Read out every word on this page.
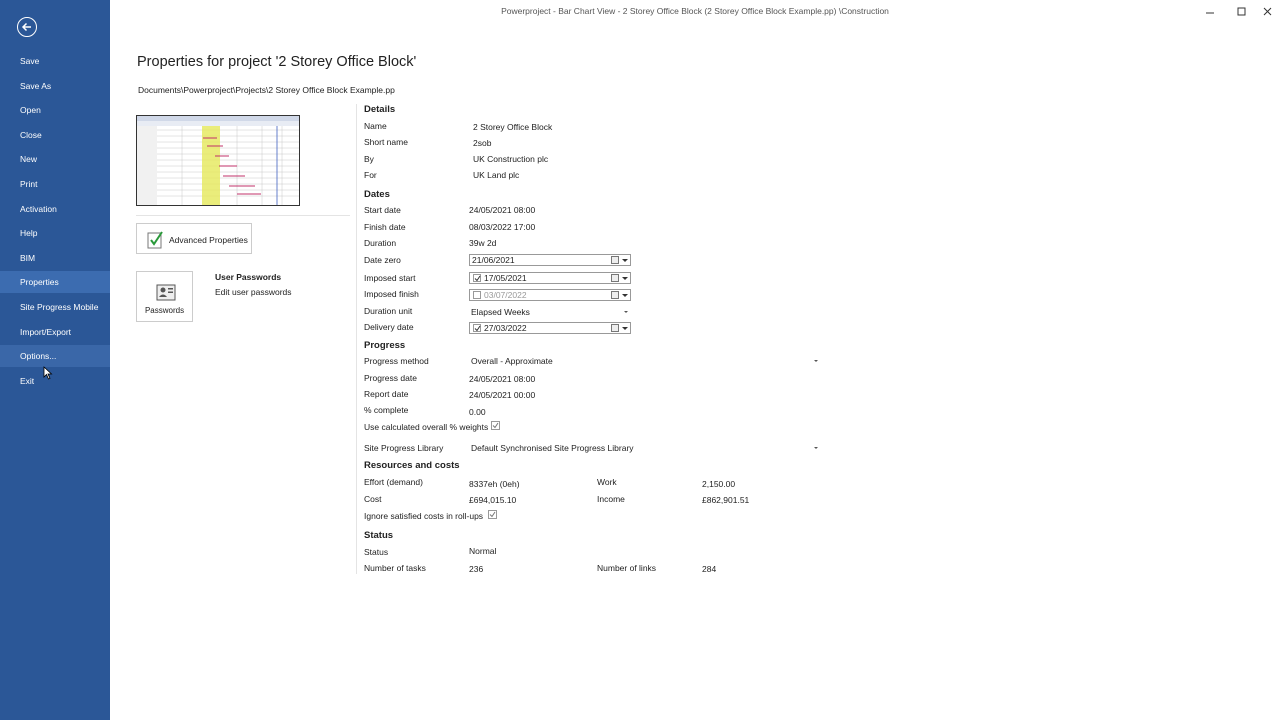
Save
Save As
Open
Close
New
Print
Activation
Help
BIM
Properties
Site Progress Mobile
Import/Export
Options...
Exit
Powerproject - Bar Chart View - 2 Storey Office Block (2 Storey Office Block Example.pp) \Construction
Properties for project '2 Storey Office Block'
Documents\Powerproject\Projects\2 Storey Office Block Example.pp
Advanced Properties
Passwords
User Passwords
Edit user passwords
Details
Name	2 Storey Office Block
Short name	2sob
By	UK Construction plc
For	UK Land plc
Dates
Start date	24/05/2021 08:00
Finish date	08/03/2022 17:00
Duration	39w 2d
Date zero	21/06/2021
Imposed start	17/05/2021
Imposed finish	03/07/2022
Duration unit	Elapsed Weeks
Delivery date	27/03/2022
Progress
Progress method	Overall - Approximate
Progress date	24/05/2021 08:00
Report date	24/05/2021 00:00
% complete	0.00
Use calculated overall % weights
Site Progress Library	Default Synchronised Site Progress Library
Resources and costs
Effort (demand)	8337eh (0eh)	Work	2,150.00
Cost	£694,015.10	Income	£862,901.51
Ignore satisfied costs in roll-ups
Status
Status	Normal
Number of tasks	236	Number of links	284
